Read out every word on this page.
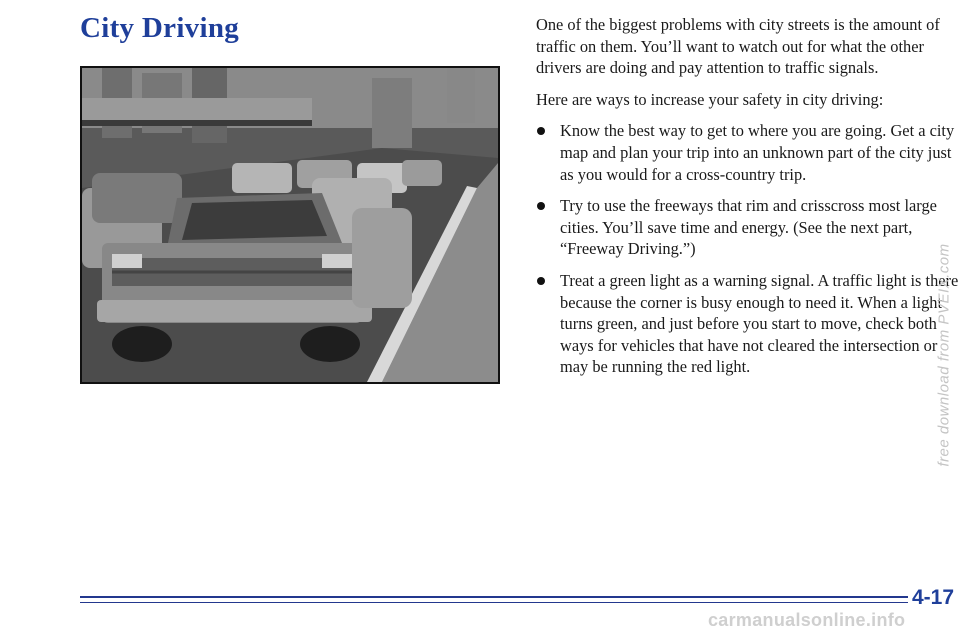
City Driving	One of the biggest problems with city streets is the amount of traffic on them. You’ll want to watch out for what the other drivers are doing and pay attention to traffic signals.

Here are ways to increase your safety in city driving:

Know the best way to get to where you are going. Get a city map and plan your trip into an unknown part of the city just as you would for a cross-country trip.
Try to use the freeways that rim and crisscross most large cities. You’ll save time and energy. (See the next part, “Freeway Driving.”)
Treat a green light as a warning signal. A traffic light is there because the corner is busy enough to need it. When a light turns green, and just before you start to move, check both ways for vehicles that have not cleared the intersection or may be running the red light.
4-17
free download from PVEIX.com
carmanualsonline.info
